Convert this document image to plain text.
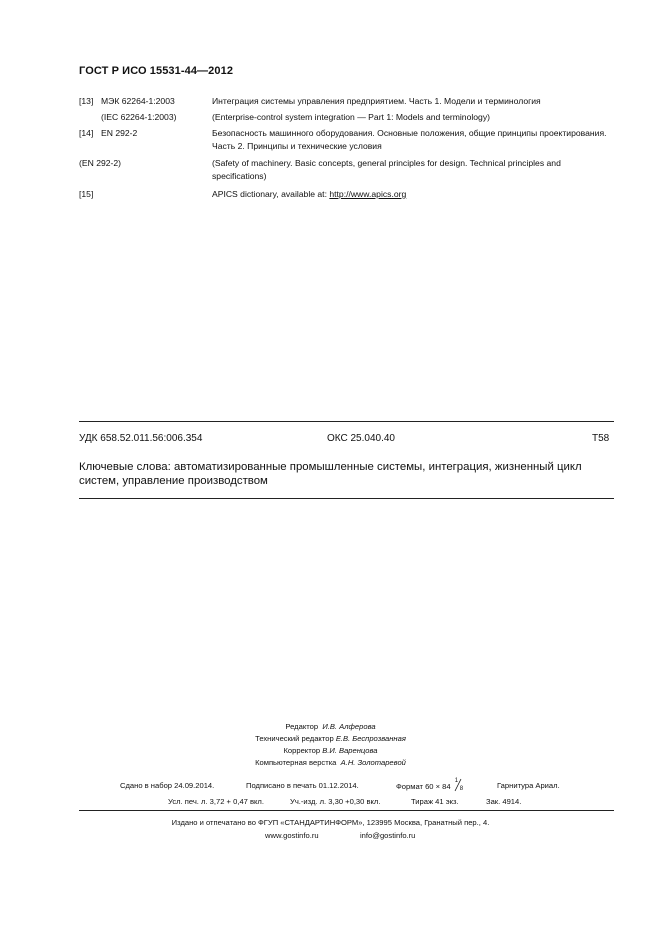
ГОСТ Р ИСО 15531-44—2012
[13] МЭК 62264-1:2003	Интеграция системы управления предприятием. Часть 1. Модели и терминология
(IEC 62264-1:2003)	(Enterprise-control system integration — Part 1: Models and terminology)
[14] EN 292-2	Безопасность машинного оборудования. Основные положения, общие принципы проектирования. Часть 2. Принципы и технические условия
(EN 292-2)	(Safety of machinery. Basic concepts, general principles for design. Technical principles and specifications)
[15]	APICS dictionary, available at: http://www.apics.org
УДК 658.52.011.56:006.354	ОКС 25.040.40	Т58
Ключевые слова: автоматизированные промышленные системы, интеграция, жизненный цикл систем, управление производством
Редактор И.В. Алферова
Технический редактор Е.В. Беспрозванная
Корректор В.И. Варенцова
Компьютерная верстка А.Н. Золотаревой
Сдано в набор 24.09.2014.	Подписано в печать 01.12.2014.	Формат 60 × 84
1
8	Гарнитура Ариал.
Усл. печ. л. 3,72 + 0,47 вкл.	Уч.-изд. л. 3,30 +0,30 вкл.	Тираж 41 экз.	Зак. 4914.
Издано и отпечатано во ФГУП «СТАНДАРТИНФОРМ», 123995 Москва, Гранатный пер., 4.
www.gostinfo.ru	info@gostinfo.ru
